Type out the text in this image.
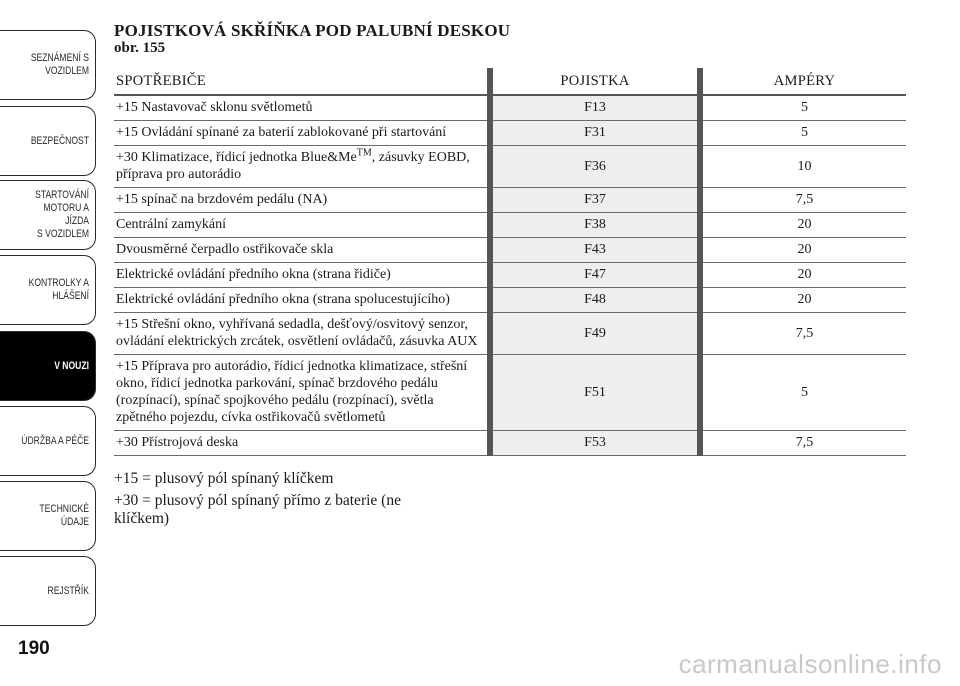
SEZNÁMENÍ S
VOZIDLEM
BEZPEČNOST
STARTOVÁNÍ
MOTORU A JÍZDA
S VOZIDLEM
KONTROLKY A
HLÁŠENÍ
V NOUZI
ÚDRŽBA A PÉČE
TECHNICKÉ
ÚDAJE
REJSTŘÍK
190
POJISTKOVÁ SKŘÍŇKA POD PALUBNÍ DESKOU
obr. 155
SPOTŘEBIČE	POJISTKA	AMPÉRY
+15 Nastavovač sklonu světlometů	F13	5
+15 Ovládání spínané za baterií zablokované při startování	F31	5
+30 Klimatizace, řídicí jednotka Blue&Me™, zásuvky EOBD, příprava pro autorádio	F36	10
+15 spínač na brzdovém pedálu (NA)	F37	7,5
Centrální zamykání	F38	20
Dvousměrné čerpadlo ostřikovače skla	F43	20
Elektrické ovládání předního okna (strana řidiče)	F47	20
Elektrické ovládání předního okna (strana spolucestujícího)	F48	20
+15 Střešní okno, vyhřívaná sedadla, dešťový/osvitový senzor, ovládání elektrických zrcátek, osvětlení ovládačů, zásuvka AUX	F49	7,5
+15 Příprava pro autorádio, řídicí jednotka klimatizace, střešní okno, řídicí jednotka parkování, spínač brzdového pedálu (rozpínací), spínač spojkového pedálu (rozpínací), světla zpětného pojezdu, cívka ostřikovačů světlometů	F51	5
+30 Přístrojová deska	F53	7,5

+15 = plusový pól spínaný klíčkem

+30 = plusový pól spínaný přímo z baterie (ne klíčkem)

carmanualsonline.info
